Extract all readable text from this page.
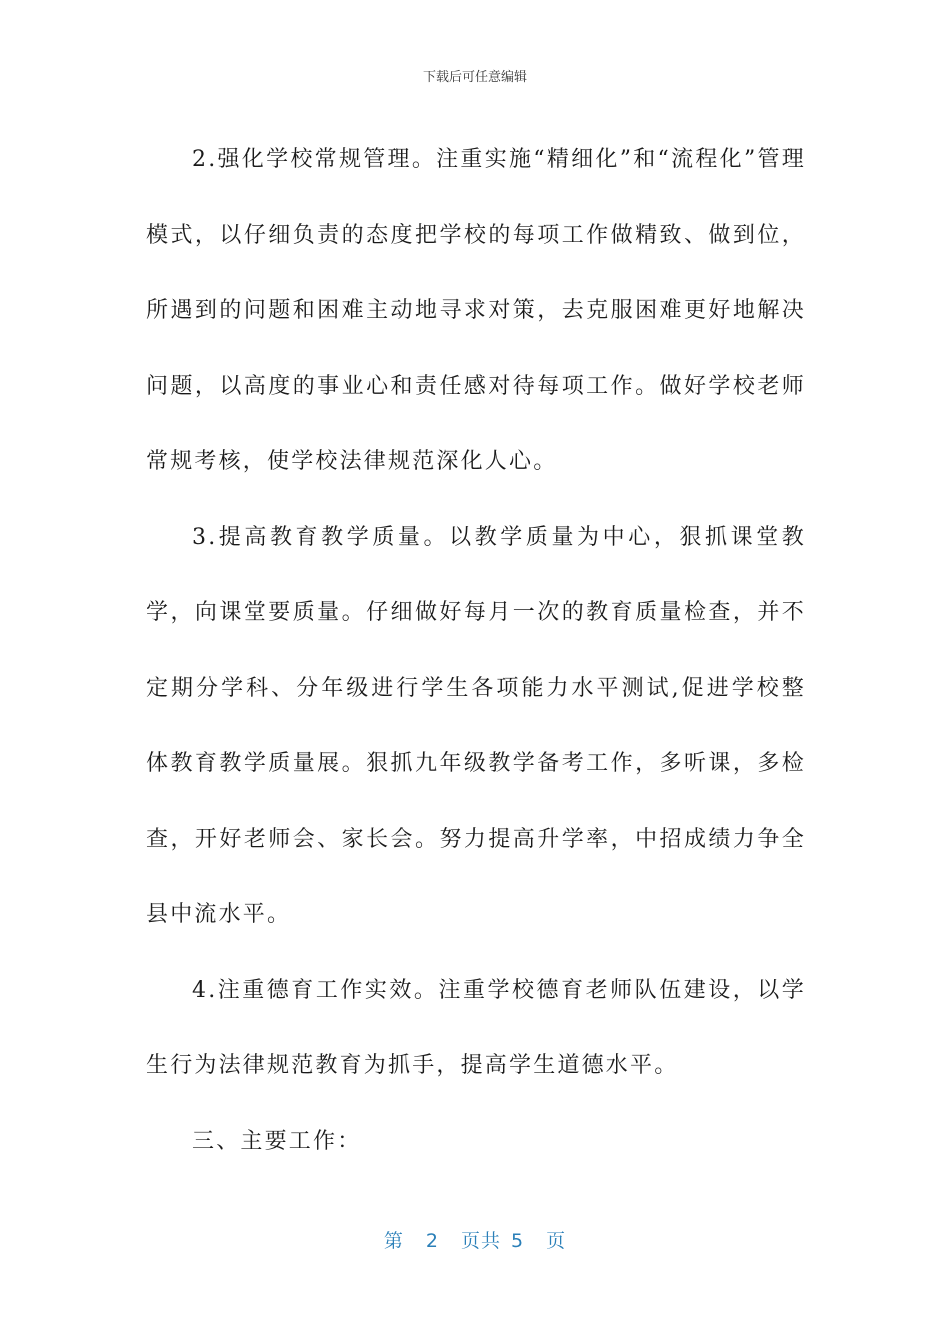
下载后可任意编辑

2.强化学校常规管理。注重实施“精细化”和“流程化”管理模式，以仔细负责的态度把学校的每项工作做精致、做到位，所遇到的问题和困难主动地寻求对策，去克服困难更好地解决问题，以高度的事业心和责任感对待每项工作。做好学校老师常规考核，使学校法律规范深化人心。

3.提高教育教学质量。以教学质量为中心，狠抓课堂教学，向课堂要质量。仔细做好每月一次的教育质量检查，并不定期分学科、分年级进行学生各项能力水平测试,促进学校整体教育教学质量展。狠抓九年级教学备考工作，多听课，多检查，开好老师会、家长会。努力提高升学率，中招成绩力争全县中流水平。

4.注重德育工作实效。注重学校德育老师队伍建设，以学生行为法律规范教育为抓手，提高学生道德水平。

三、主要工作：

第 2 页共 5 页
